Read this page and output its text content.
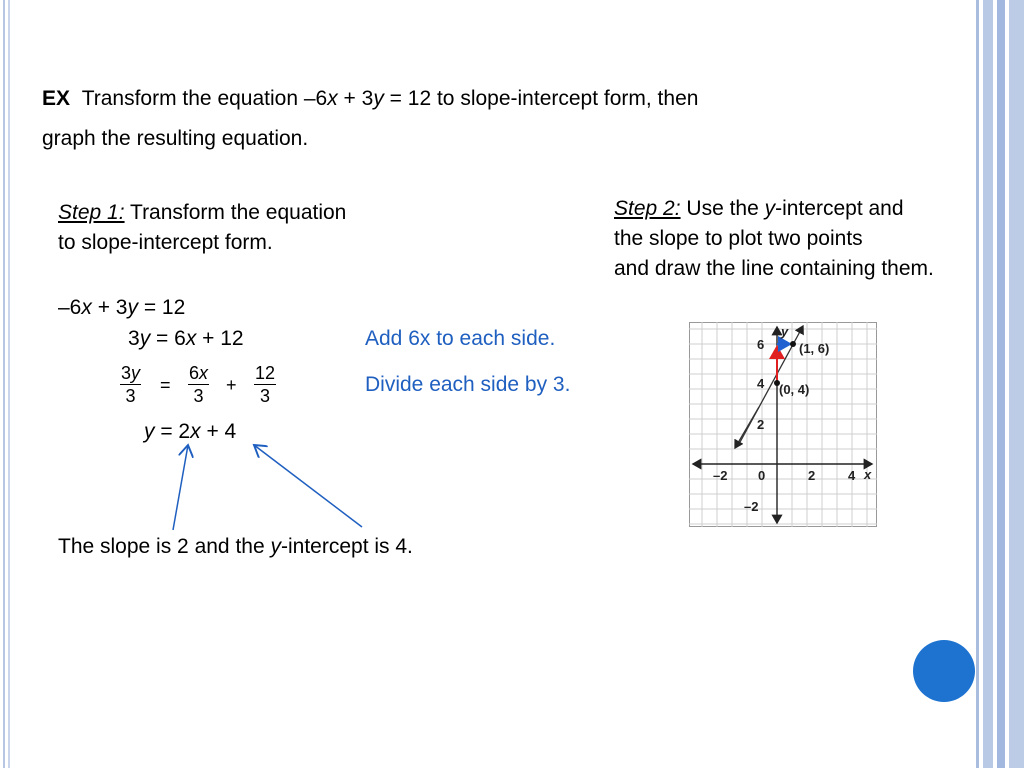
EX Transform the equation –6x + 3y = 12 to slope-intercept form, then
graph the resulting equation.
Step 1: Transform the equation
to slope-intercept form.
–6x + 3y = 12
3y = 6x + 12
$\frac{3y}{3} = \frac{6x}{3} + \frac{12}{3}$
y = 2x + 4
Add 6x to each side.
Divide each side by 3.
The slope is 2 and the y-intercept is 4.
Step 2: Use the y-intercept and
the slope to plot two points
and draw the line containing them.
y
x
–2 0	2	4
6
4
2
–2
(1, 6)
(0, 4)
